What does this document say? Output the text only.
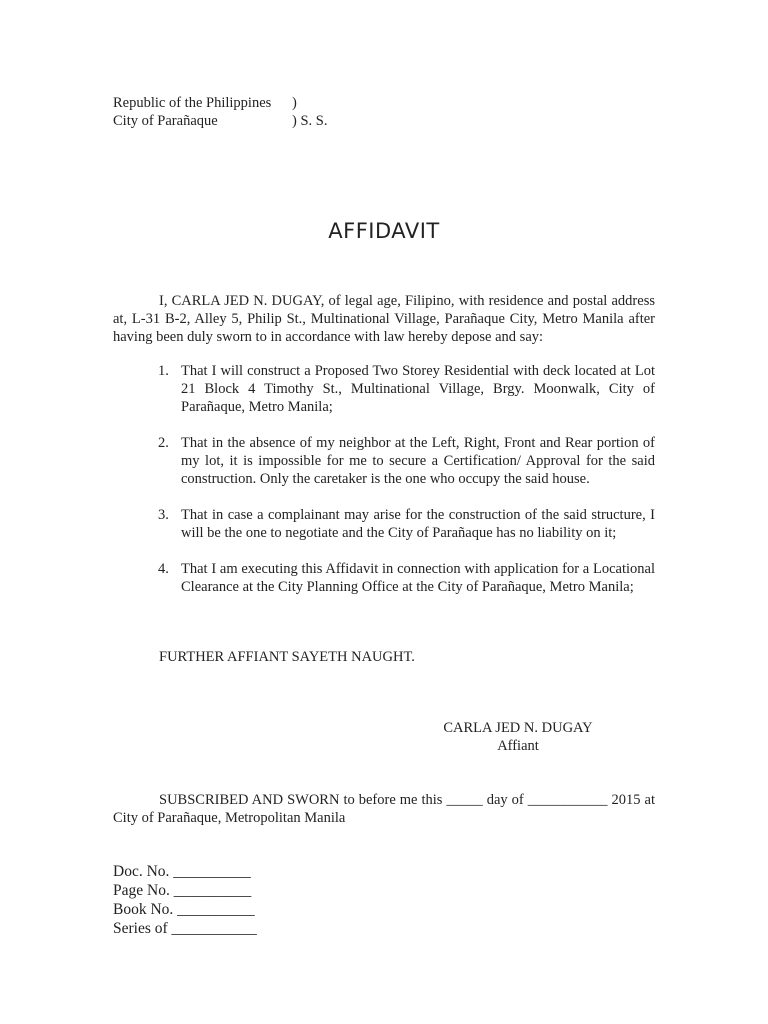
Republic of the Philippines	)
City of Parañaque	) S. S.
AFFIDAVIT

I, CARLA JED N. DUGAY, of legal age, Filipino, with residence and postal address at, L-31 B-2, Alley 5, Philip St., Multinational Village, Parañaque City, Metro Manila after having been duly sworn to in accordance with law hereby depose and say:

1. That I will construct a Proposed Two Storey Residential with deck located at Lot 21 Block 4 Timothy St., Multinational Village, Brgy. Moonwalk, City of Parañaque, Metro Manila;
2. That in the absence of my neighbor at the Left, Right, Front and Rear portion of my lot, it is impossible for me to secure a Certification/ Approval for the said construction. Only the caretaker is the one who occupy the said house.
3. That in case a complainant may arise for the construction of the said structure, I will be the one to negotiate and the City of Parañaque has no liability on it;
4. That I am executing this Affidavit in connection with application for a Locational Clearance at the City Planning Office at the City of Parañaque, Metro Manila;
FURTHER AFFIANT SAYETH NAUGHT.
CARLA JED N. DUGAY
Affiant

SUBSCRIBED AND SWORN to before me this _____ day of ___________ 2015 at City of Parañaque, Metropolitan Manila

Doc. No. __________
Page No. __________
Book No. __________
Series of ___________
